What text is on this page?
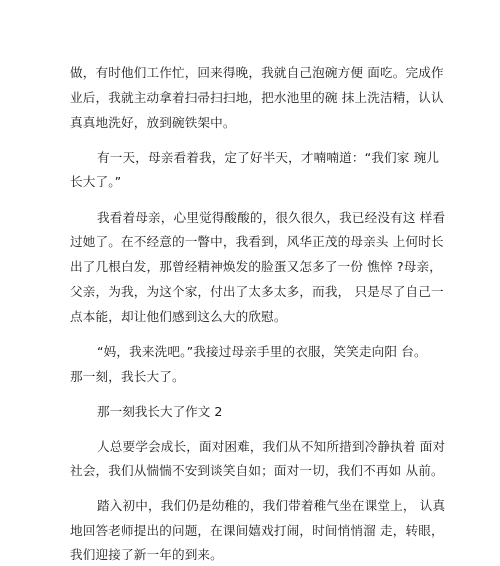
做，有时他们工作忙，回来得晚，我就自己泡碗方便 面吃。完成作
业后，我就主动拿着扫帚扫扫地，把水池里的碗 抹上洗洁精，认认
真真地洗好，放到碗铁架中。
有一天，母亲看着我，定了好半天，才喃喃道：“我们家 琬儿
长大了。”
我看着母亲，心里觉得酸酸的，很久很久，我已经没有这 样看
过她了。在不经意的一瞥中，我看到，风华正茂的母亲头 上何时长
出了几根白发，那曾经精神焕发的脸蛋又怎多了一份 憔悴 ?母亲，
父亲，为我，为这个家，付出了太多太多，而我， 只是尽了自己一
点本能，却让他们感到这么大的欣慰。
“妈，我来洗吧。”我接过母亲手里的衣服，笑笑走向阳 台。
那一刻，我长大了。
那一刻我长大了作文 2
人总要学会成长，面对困难，我们从不知所措到冷静执着 面对
社会，我们从惴惴不安到谈笑自如；面对一切，我们不再如 从前。
踏入初中，我们仍是幼稚的，我们带着稚气坐在课堂上， 认真
地回答老师提出的问题，在课间嬉戏打闹，时间悄悄溜 走，转眼，
我们迎接了新一年的到来。
